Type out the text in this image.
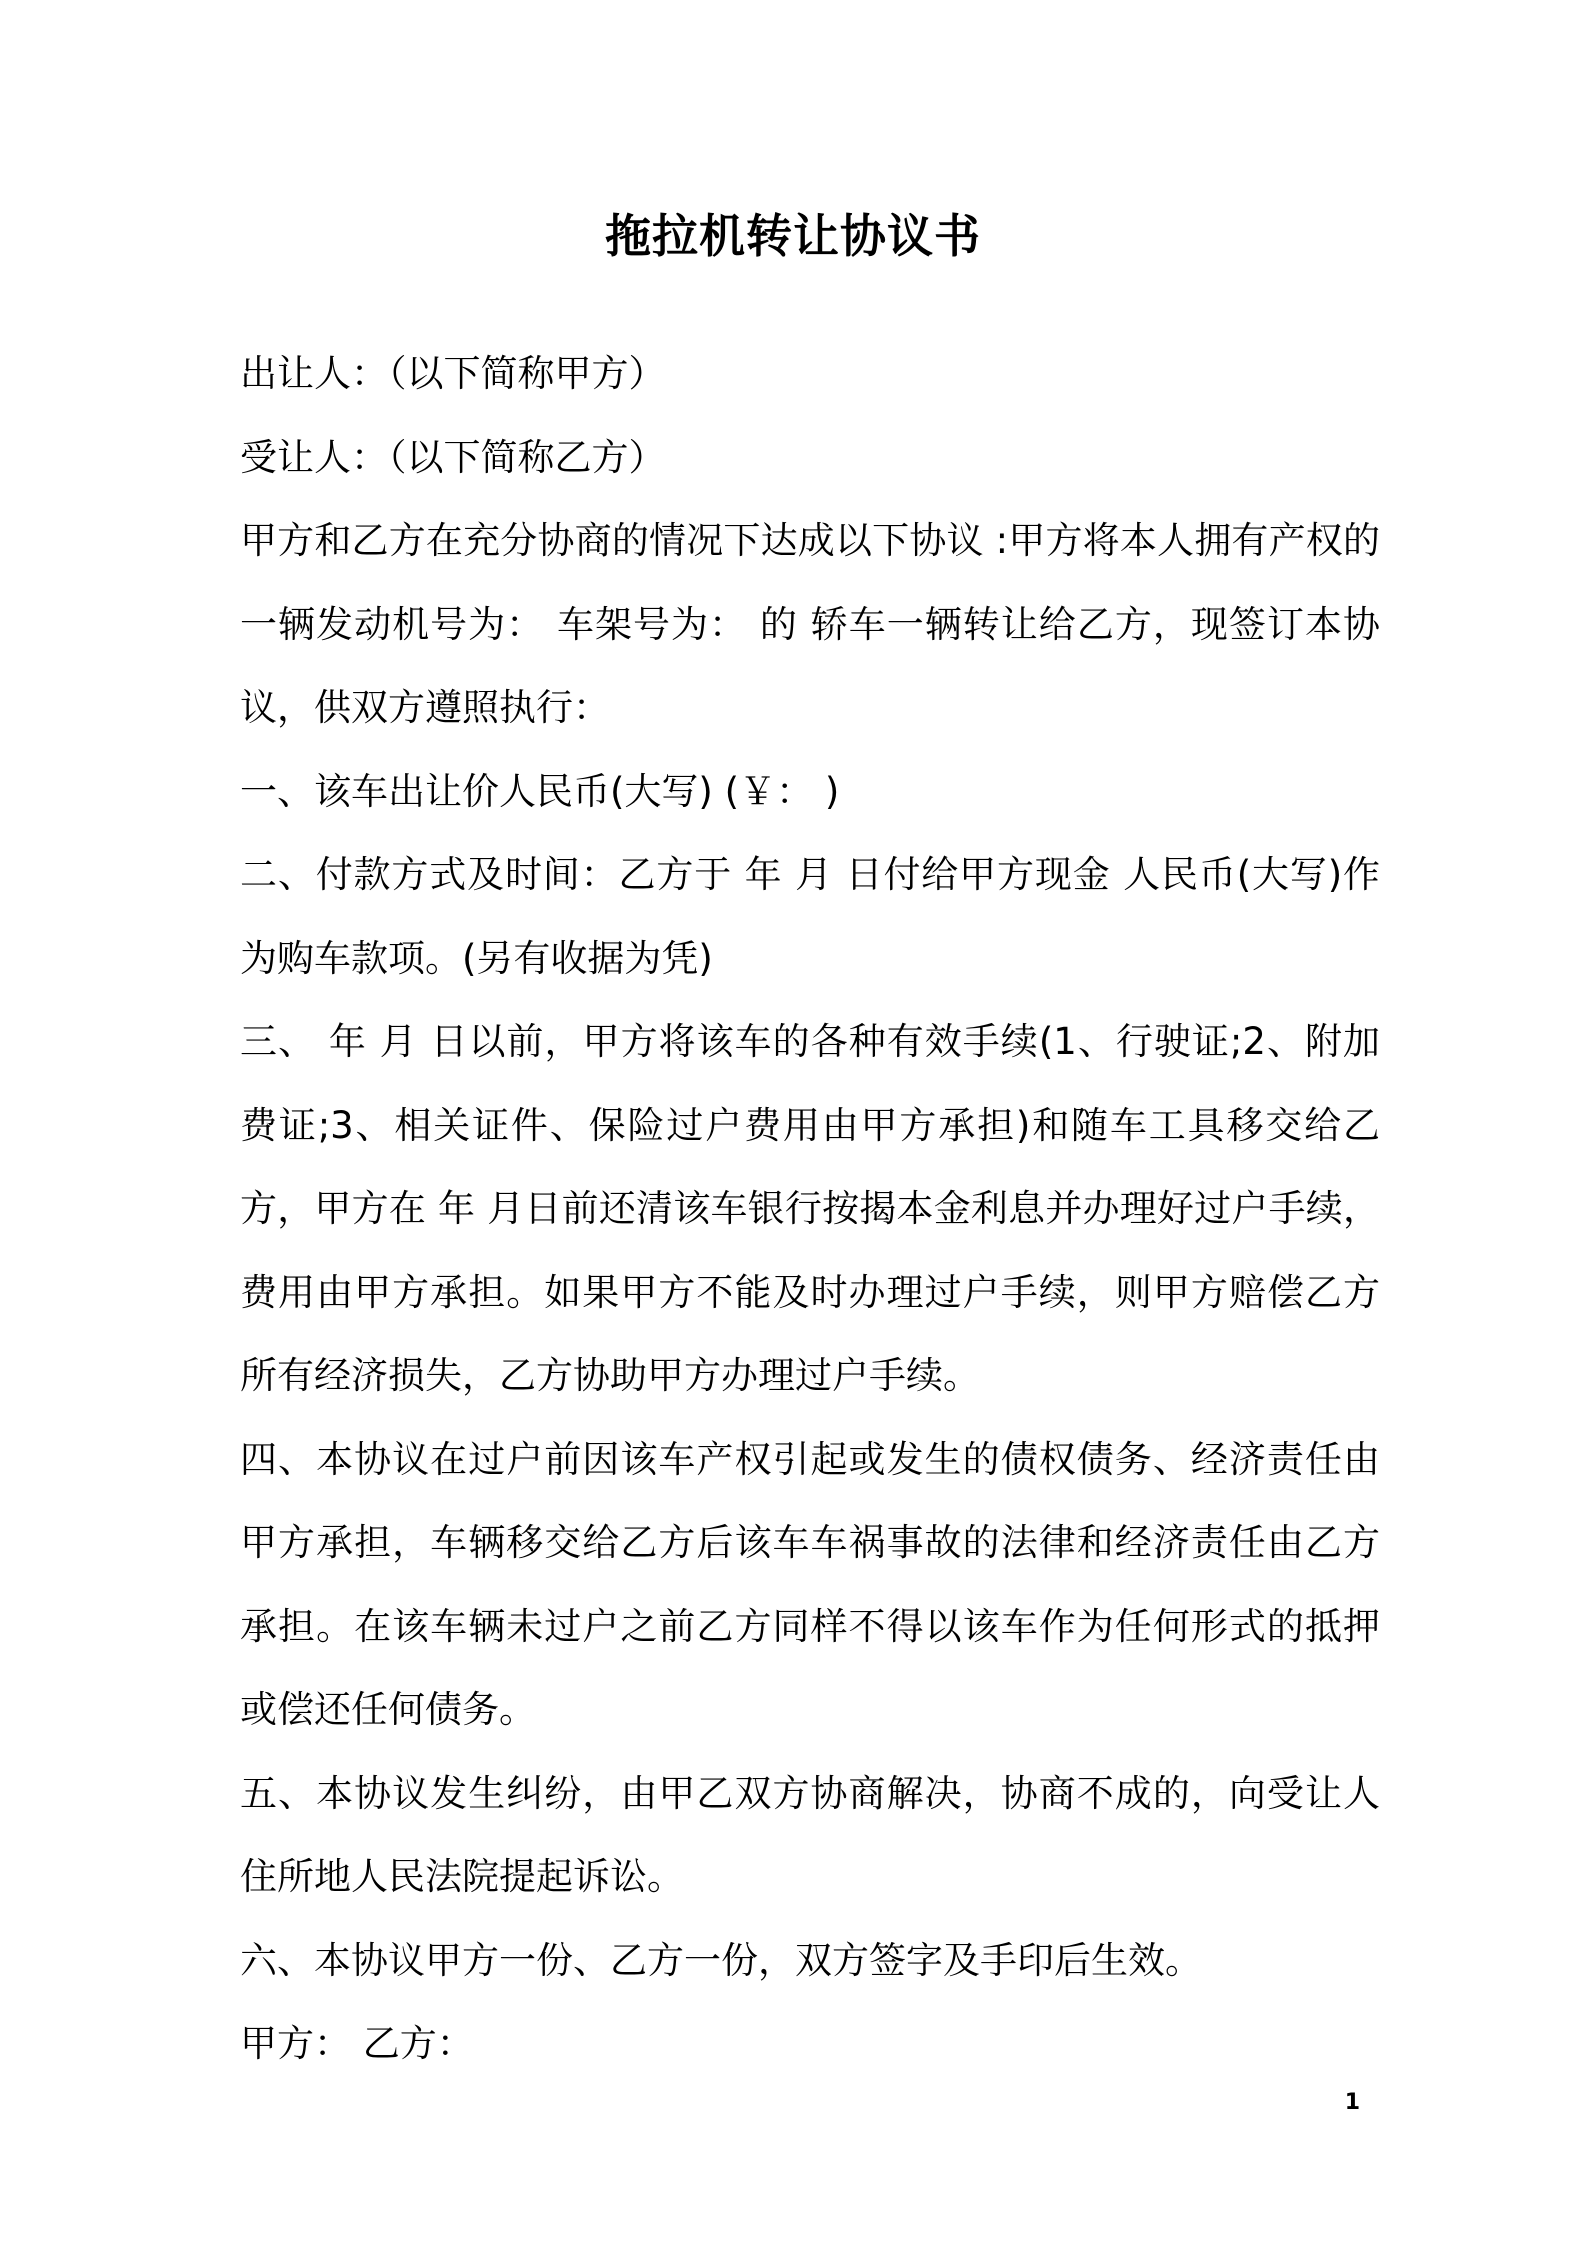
拖拉机转让协议书

出让人：（以下简称甲方）

受让人：（以下简称乙方）

甲方和乙方在充分协商的情况下达成以下协议 :甲方将本人拥有产权的一辆发动机号为： 车架号为： 的 轿车一辆转让给乙方，现签订本协议，供双方遵照执行：

一、该车出让价人民币(大写) (￥： )

二、付款方式及时间：乙方于 年 月 日付给甲方现金 人民币(大写)作为购车款项。(另有收据为凭)

三、 年 月 日以前，甲方将该车的各种有效手续(1、行驶证;2、附加费证;3、相关证件、保险过户费用由甲方承担)和随车工具移交给乙方，甲方在 年 月日前还清该车银行按揭本金利息并办理好过户手续，费用由甲方承担。如果甲方不能及时办理过户手续，则甲方赔偿乙方所有经济损失，乙方协助甲方办理过户手续。

四、本协议在过户前因该车产权引起或发生的债权债务、经济责任由甲方承担，车辆移交给乙方后该车车祸事故的法律和经济责任由乙方承担。在该车辆未过户之前乙方同样不得以该车作为任何形式的抵押或偿还任何债务。

五、本协议发生纠纷，由甲乙双方协商解决，协商不成的，向受让人住所地人民法院提起诉讼。

六、本协议甲方一份、乙方一份，双方签字及手印后生效。

甲方： 乙方：

1
